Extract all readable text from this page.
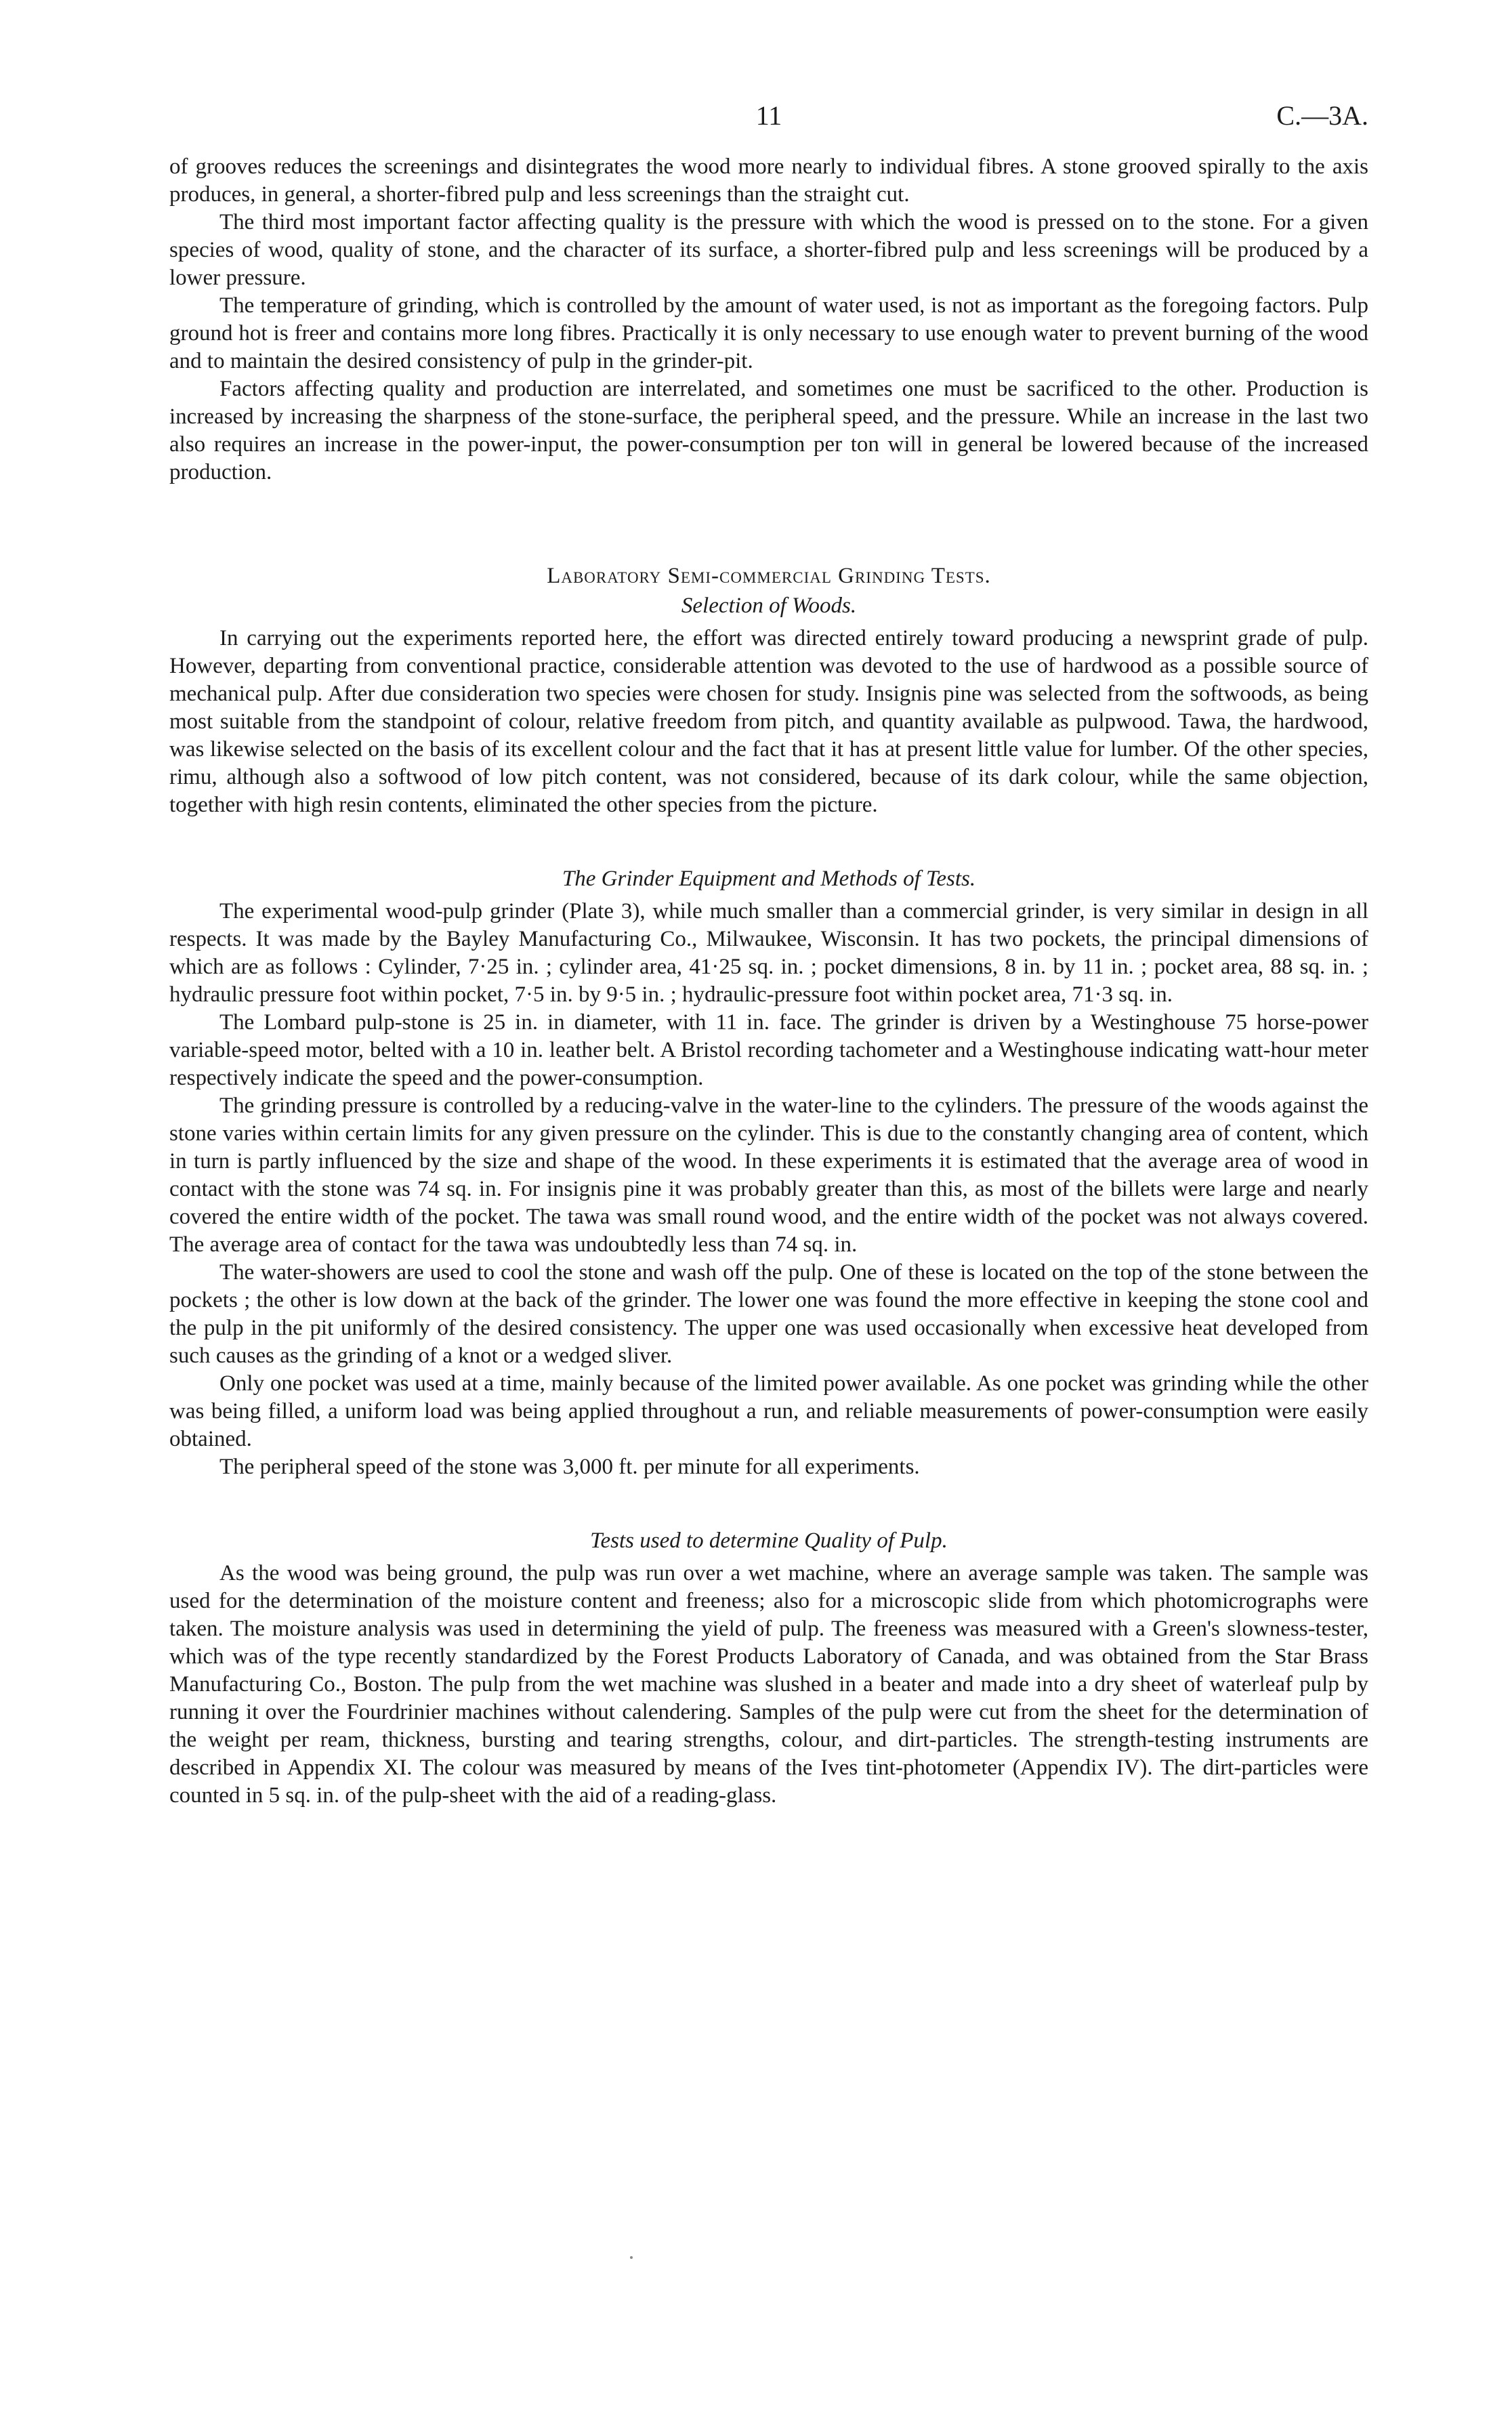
11	C.—3A.

of grooves reduces the screenings and disintegrates the wood more nearly to individual fibres. A stone grooved spirally to the axis produces, in general, a shorter-fibred pulp and less screenings than the straight cut.

The third most important factor affecting quality is the pressure with which the wood is pressed on to the stone. For a given species of wood, quality of stone, and the character of its surface, a shorter-fibred pulp and less screenings will be produced by a lower pressure.

The temperature of grinding, which is controlled by the amount of water used, is not as important as the foregoing factors. Pulp ground hot is freer and contains more long fibres. Practically it is only necessary to use enough water to prevent burning of the wood and to maintain the desired consistency of pulp in the grinder-pit.

Factors affecting quality and production are interrelated, and sometimes one must be sacrificed to the other. Production is increased by increasing the sharpness of the stone-surface, the peripheral speed, and the pressure. While an increase in the last two also requires an increase in the power-input, the power-consumption per ton will in general be lowered because of the increased production.

Laboratory Semi-commercial Grinding Tests.
Selection of Woods.

In carrying out the experiments reported here, the effort was directed entirely toward producing a newsprint grade of pulp. However, departing from conventional practice, considerable attention was devoted to the use of hardwood as a possible source of mechanical pulp. After due consideration two species were chosen for study. Insignis pine was selected from the softwoods, as being most suitable from the standpoint of colour, relative freedom from pitch, and quantity available as pulpwood. Tawa, the hardwood, was likewise selected on the basis of its excellent colour and the fact that it has at present little value for lumber. Of the other species, rimu, although also a softwood of low pitch content, was not considered, because of its dark colour, while the same objection, together with high resin contents, eliminated the other species from the picture.

The Grinder Equipment and Methods of Tests.

The experimental wood-pulp grinder (Plate 3), while much smaller than a commercial grinder, is very similar in design in all respects. It was made by the Bayley Manufacturing Co., Milwaukee, Wisconsin. It has two pockets, the principal dimensions of which are as follows : Cylinder, 7·25 in. ; cylinder area, 41·25 sq. in. ; pocket dimensions, 8 in. by 11 in. ; pocket area, 88 sq. in. ; hydraulic pressure foot within pocket, 7·5 in. by 9·5 in. ; hydraulic-pressure foot within pocket area, 71·3 sq. in.

The Lombard pulp-stone is 25 in. in diameter, with 11 in. face. The grinder is driven by a Westinghouse 75 horse-power variable-speed motor, belted with a 10 in. leather belt. A Bristol recording tachometer and a Westinghouse indicating watt-hour meter respectively indicate the speed and the power-consumption.

The grinding pressure is controlled by a reducing-valve in the water-line to the cylinders. The pressure of the woods against the stone varies within certain limits for any given pressure on the cylinder. This is due to the constantly changing area of content, which in turn is partly influenced by the size and shape of the wood. In these experiments it is estimated that the average area of wood in contact with the stone was 74 sq. in. For insignis pine it was probably greater than this, as most of the billets were large and nearly covered the entire width of the pocket. The tawa was small round wood, and the entire width of the pocket was not always covered. The average area of contact for the tawa was undoubtedly less than 74 sq. in.

The water-showers are used to cool the stone and wash off the pulp. One of these is located on the top of the stone between the pockets ; the other is low down at the back of the grinder. The lower one was found the more effective in keeping the stone cool and the pulp in the pit uniformly of the desired consistency. The upper one was used occasionally when excessive heat developed from such causes as the grinding of a knot or a wedged sliver.

Only one pocket was used at a time, mainly because of the limited power available. As one pocket was grinding while the other was being filled, a uniform load was being applied throughout a run, and reliable measurements of power-consumption were easily obtained.

The peripheral speed of the stone was 3,000 ft. per minute for all experiments.

Tests used to determine Quality of Pulp.

As the wood was being ground, the pulp was run over a wet machine, where an average sample was taken. The sample was used for the determination of the moisture content and freeness; also for a microscopic slide from which photomicrographs were taken. The moisture analysis was used in determining the yield of pulp. The freeness was measured with a Green's slowness-tester, which was of the type recently standardized by the Forest Products Laboratory of Canada, and was obtained from the Star Brass Manufacturing Co., Boston. The pulp from the wet machine was slushed in a beater and made into a dry sheet of waterleaf pulp by running it over the Fourdrinier machines without calendering. Samples of the pulp were cut from the sheet for the determination of the weight per ream, thickness, bursting and tearing strengths, colour, and dirt-particles. The strength-testing instruments are described in Appendix XI. The colour was measured by means of the Ives tint-photometer (Appendix IV). The dirt-particles were counted in 5 sq. in. of the pulp-sheet with the aid of a reading-glass.
